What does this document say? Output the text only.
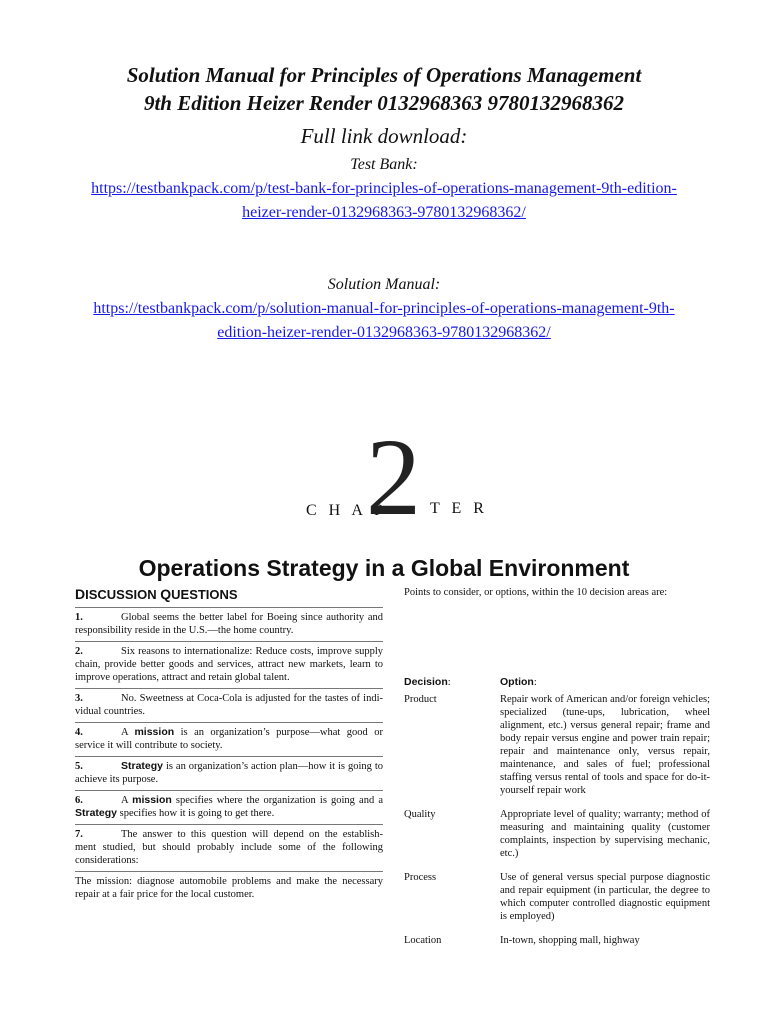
Solution Manual for Principles of Operations Management
9th Edition Heizer Render 0132968363 9780132968362
Full link download:
Test Bank:
https://testbankpack.com/p/test-bank-for-principles-of-operations-management-9th-edition-
heizer-render-0132968363-9780132968362/
Solution Manual:
https://testbankpack.com/p/solution-manual-for-principles-of-operations-management-9th-
edition-heizer-render-0132968363-9780132968362/
C H A P
2 T E R
Operations Strategy in a Global Environment
DISCUSSION QUESTIONS
1.	Global seems the better label for Boeing since authority and responsibility reside in the U.S.—the home country.
2.	Six reasons to internationalize: Reduce costs, improve supply chain, provide better goods and services, attract new markets, learn to improve operations, attract and retain global talent.
3.	No. Sweetness at Coca-Cola is adjusted for the tastes of indi- vidual countries.
4.	A mission is an organization’s purpose—what good or service it will contribute to society.
5.	Strategy is an organization’s action plan—how it is going to achieve its purpose.
6.	A mission specifies where the organization is going and a Strategy specifies how it is going to get there.
7.	The answer to this question will depend on the establish- ment studied, but should probably include some of the following considerations:
The mission: diagnose automobile problems and make the necessary repair at a fair price for the local customer.
Points to consider, or options, within the 10 decision areas are:
Decision:	Option:
Product	Repair work of American and/or foreign vehicles; specialized (tune-ups, lubrication, wheel alignment, etc.) versus general repair; frame and body repair versus engine and power train repair; repair and maintenance only, versus repair, maintenance, and sales of fuel; professional staffing versus rental of tools and space for do-it-yourself repair work
Quality	Appropriate level of quality; warranty; method of measuring and maintaining quality (customer complaints, inspection by supervising mechanic, etc.)
Process	Use of general versus special purpose diagnostic and repair equipment (in particular, the degree to which computer controlled diagnostic equipment is employed)
Location	In-town, shopping mall, highway
